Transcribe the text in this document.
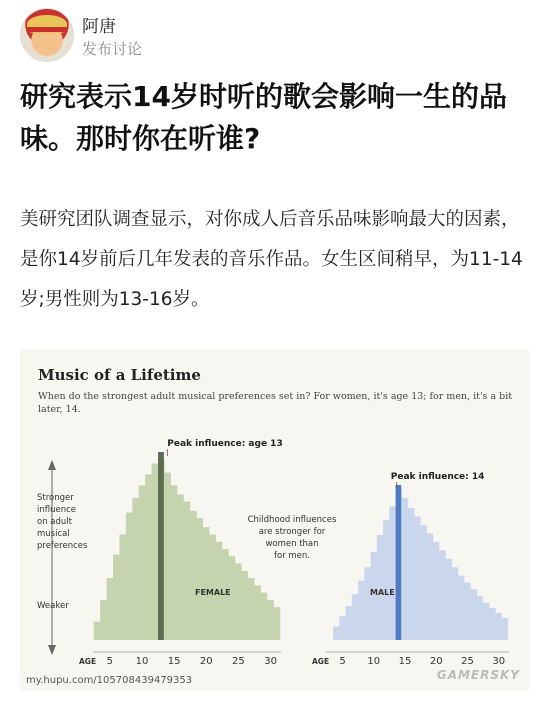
阿唐
发布讨论
研究表示14岁时听的歌会影响一生的品味。那时你在听谁?
美研究团队调查显示，对你成人后音乐品味影响最大的因素，是你14岁前后几年发表的音乐作品。女生区间稍早，为11-14岁;男性则为13-16岁。
Music of a Lifetime
When do the strongest adult musical preferences set in? For women, it's age 13; for men, it's a bit later, 14.
Stronger influence on adult musical preferences
Weaker
Peak influence: age 13
FEMALE
AGE 5 10 15 20 25 30
Peak influence: 14
MALE
AGE 5 10 15 20 25 30
Childhood influences are stronger for women than for men.
my.hupu.com/105708439479353	GAMERSKY
